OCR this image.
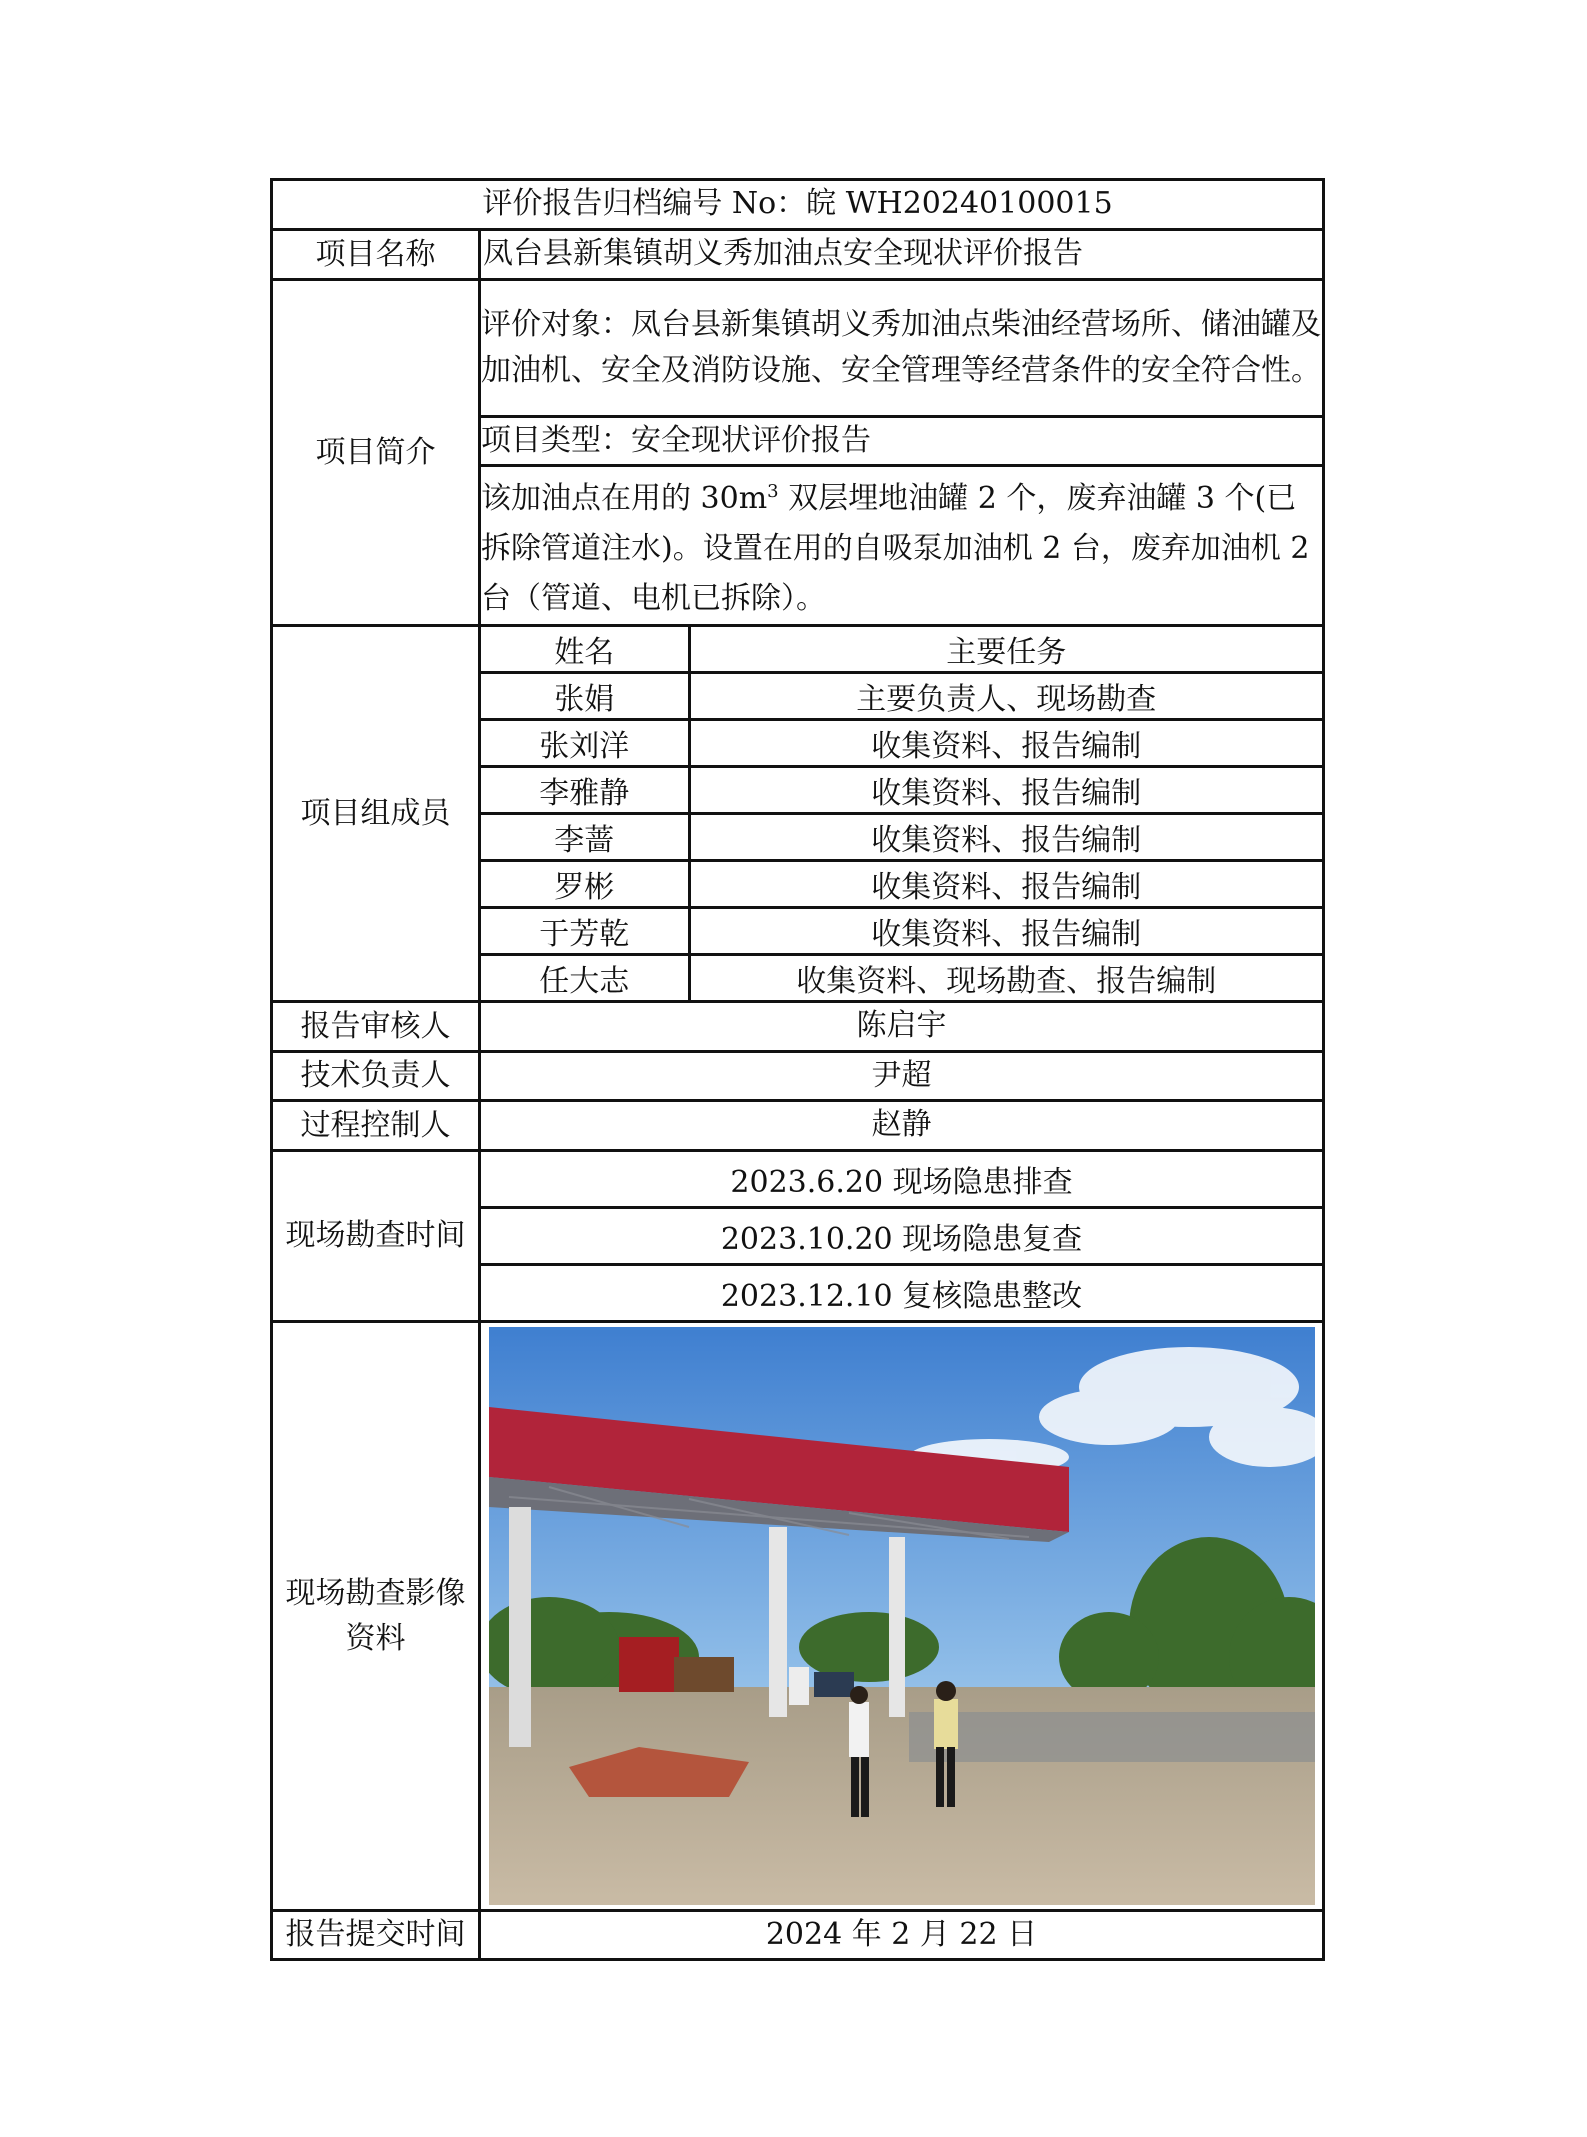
评价报告归档编号 No：皖 WH20240100015
项目名称	凤台县新集镇胡义秀加油点安全现状评价报告
项目简介	评价对象：凤台县新集镇胡义秀加油点柴油经营场所、储油罐及加油机、安全及消防设施、安全管理等经营条件的安全符合性。
项目类型：安全现状评价报告
该加油点在用的 $30m^3$ 双层埋地油罐 2 个，废弃油罐 3 个(已拆除管道注水)。设置在用的自吸泵加油机 2 台，废弃加油机 2 台（管道、电机已拆除）。
项目组成员	
姓名	主要任务
张娟	主要负责人、现场勘查
张刘洋	收集资料、报告编制
李雅静	收集资料、报告编制
李蔷	收集资料、报告编制
罗彬	收集资料、报告编制
于芳乾	收集资料、报告编制
任大志	收集资料、现场勘查、报告编制

报告审核人	陈启宇
技术负责人	尹超
过程控制人	赵静
现场勘查时间	
2023.6.20 现场隐患排查
2023.10.20 现场隐患复查
2023.12.10 复核隐患整改

现场勘查影像
资料

报告提交时间	2024 年 2 月 22 日
